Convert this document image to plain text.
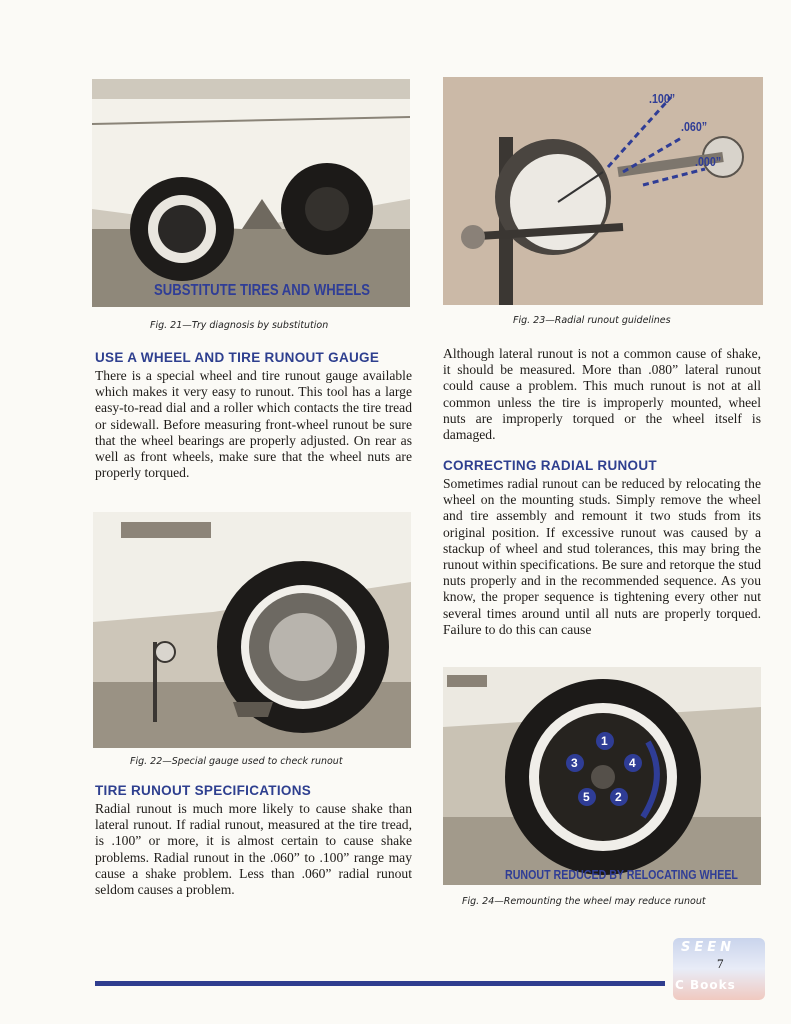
SUBSTITUTE TIRES AND WHEELS
Fig. 21—Try diagnosis by substitution
.100”
.060”
.000”
Fig. 23—Radial runout guidelines
USE A WHEEL AND TIRE RUNOUT GAUGE

There is a special wheel and tire runout gauge available which makes it very easy to runout. This tool has a large easy-to-read dial and a roller which contacts the tire tread or sidewall. Before measuring front-wheel runout be sure that the wheel bearings are properly adjusted. On rear as well as front wheels, make sure that the wheel nuts are properly torqued.

Although lateral runout is not a common cause of shake, it should be measured. More than .080” lateral runout could cause a problem. This much runout is not at all common unless the tire is improperly mounted, wheel nuts are improperly torqued or the wheel itself is damaged.

CORRECTING RADIAL RUNOUT

Sometimes radial runout can be reduced by relocating the wheel on the mounting studs. Simply remove the wheel and tire assembly and remount it two studs from its original position. If excessive runout was caused by a stackup of wheel and stud tolerances, this may bring the runout within specifications. Be sure and retorque the stud nuts properly and in the recommended sequence. As you know, the proper sequence is tightening every other nut several times around until all nuts are properly torqued. Failure to do this can cause

Fig. 22—Special gauge used to check runout
TIRE RUNOUT SPECIFICATIONS

Radial runout is much more likely to cause shake than lateral runout. If radial runout, measured at the tire tread, is .100” or more, it is almost certain to cause shake problems. Radial runout in the .060” to .100” range may cause a shake problem. Less than .060” radial runout seldom causes a problem.

1
2
3	4
5
RUNOUT REDUCED BY RELOCATING WHEEL
Fig. 24—Remounting the wheel may reduce runout
SEEN
7
C Books
